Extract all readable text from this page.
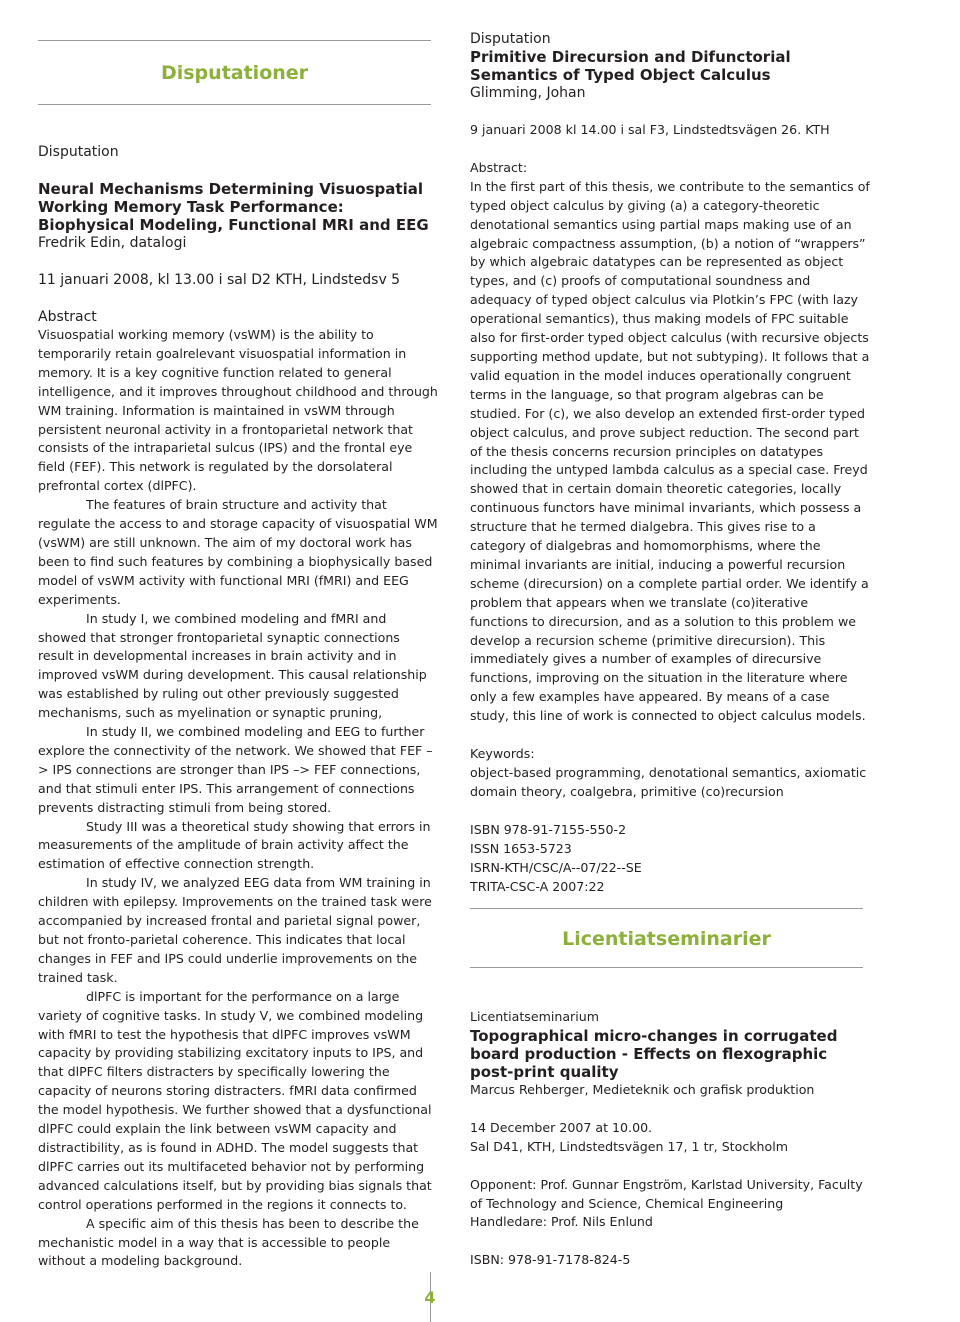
Disputationer

Disputation

Neural Mechanisms Determining Visuospatial Working Memory Task Performance: Biophysical Modeling, Functional MRI and EEG

Fredrik Edin, datalogi

11 januari 2008, kl 13.00 i sal D2 KTH, Lindstedsv 5

Abstract

Visuospatial working memory (vsWM) is the ability to temporarily retain goalrelevant visuospatial information in memory. It is a key cognitive function related to general intelligence, and it improves throughout childhood and through WM training. Information is maintained in vsWM through persistent neuronal activity in a frontoparietal network that consists of the intraparietal sulcus (IPS) and the frontal eye field (FEF). This network is regulated by the dorsolateral prefrontal cortex (dlPFC).

The features of brain structure and activity that regulate the access to and storage capacity of visuospatial WM (vsWM) are still unknown. The aim of my doctoral work has been to find such features by combining a biophysically based model of vsWM activity with functional MRI (fMRI) and EEG experiments.

In study I, we combined modeling and fMRI and showed that stronger frontoparietal synaptic connections result in developmental increases in brain activity and in improved vsWM during development. This causal relationship was established by ruling out other previously suggested mechanisms, such as myelination or synaptic pruning,

In study II, we combined modeling and EEG to further explore the connectivity of the network. We showed that FEF –> IPS connections are stronger than IPS –> FEF connections, and that stimuli enter IPS. This arrangement of connections prevents distracting stimuli from being stored.

Study III was a theoretical study showing that errors in measurements of the amplitude of brain activity affect the estimation of effective connection strength.

In study IV, we analyzed EEG data from WM training in children with epilepsy. Improvements on the trained task were accompanied by increased frontal and parietal signal power, but not fronto-parietal coherence. This indicates that local changes in FEF and IPS could underlie improvements on the trained task.

dlPFC is important for the performance on a large variety of cognitive tasks. In study V, we combined modeling with fMRI to test the hypothesis that dlPFC improves vsWM capacity by providing stabilizing excitatory inputs to IPS, and that dlPFC filters distracters by specifically lowering the capacity of neurons storing distracters. fMRI data confirmed the model hypothesis. We further showed that a dysfunctional dlPFC could explain the link between vsWM capacity and distractibility, as is found in ADHD. The model suggests that dlPFC carries out its multifaceted behavior not by performing advanced calculations itself, but by providing bias signals that control operations performed in the regions it connects to.

A specific aim of this thesis has been to describe the mechanistic model in a way that is accessible to people without a modeling background.

Disputation

Primitive Direcursion and Difunctorial Semantics of Typed Object Calculus

Glimming, Johan

9 januari 2008 kl 14.00 i sal F3, Lindstedtsvägen 26. KTH

Abstract:

In the first part of this thesis, we contribute to the semantics of typed object calculus by giving (a) a category-theoretic denotational semantics using partial maps making use of an algebraic compactness assumption, (b) a notion of “wrappers” by which algebraic datatypes can be represented as object types, and (c) proofs of computational soundness and adequacy of typed object calculus via Plotkin’s FPC (with lazy operational semantics), thus making models of FPC suitable also for first-order typed object calculus (with recursive objects supporting method update, but not subtyping). It follows that a valid equation in the model induces operationally congruent terms in the language, so that program algebras can be studied. For (c), we also develop an extended first-order typed object calculus, and prove subject reduction. The second part of the thesis concerns recursion principles on datatypes including the untyped lambda calculus as a special case. Freyd showed that in certain domain theoretic categories, locally continuous functors have minimal invariants, which possess a structure that he termed dialgebra. This gives rise to a category of dialgebras and homomorphisms, where the minimal invariants are initial, inducing a powerful recursion scheme (direcursion) on a complete partial order. We identify a problem that appears when we translate (co)iterative functions to direcursion, and as a solution to this problem we develop a recursion scheme (primitive direcursion). This immediately gives a number of examples of direcursive functions, improving on the situation in the literature where only a few examples have appeared. By means of a case study, this line of work is connected to object calculus models.

Keywords:

object-based programming, denotational semantics, axiomatic domain theory, coalgebra, primitive (co)recursion

ISBN 978-91-7155-550-2

ISSN 1653-5723

ISRN-KTH/CSC/A--07/22--SE

TRITA-CSC-A 2007:22

Licentiatseminarier

Licentiatseminarium

Topographical micro-changes in corrugated board production - Effects on flexographic post-print quality

Marcus Rehberger, Medieteknik och grafisk produktion

14 December 2007 at 10.00.

Sal D41, KTH, Lindstedtsvägen 17, 1 tr, Stockholm

Opponent: Prof. Gunnar Engström, Karlstad University, Faculty of Technology and Science, Chemical Engineering

Handledare: Prof. Nils Enlund

ISBN: 978-91-7178-824-5

4
